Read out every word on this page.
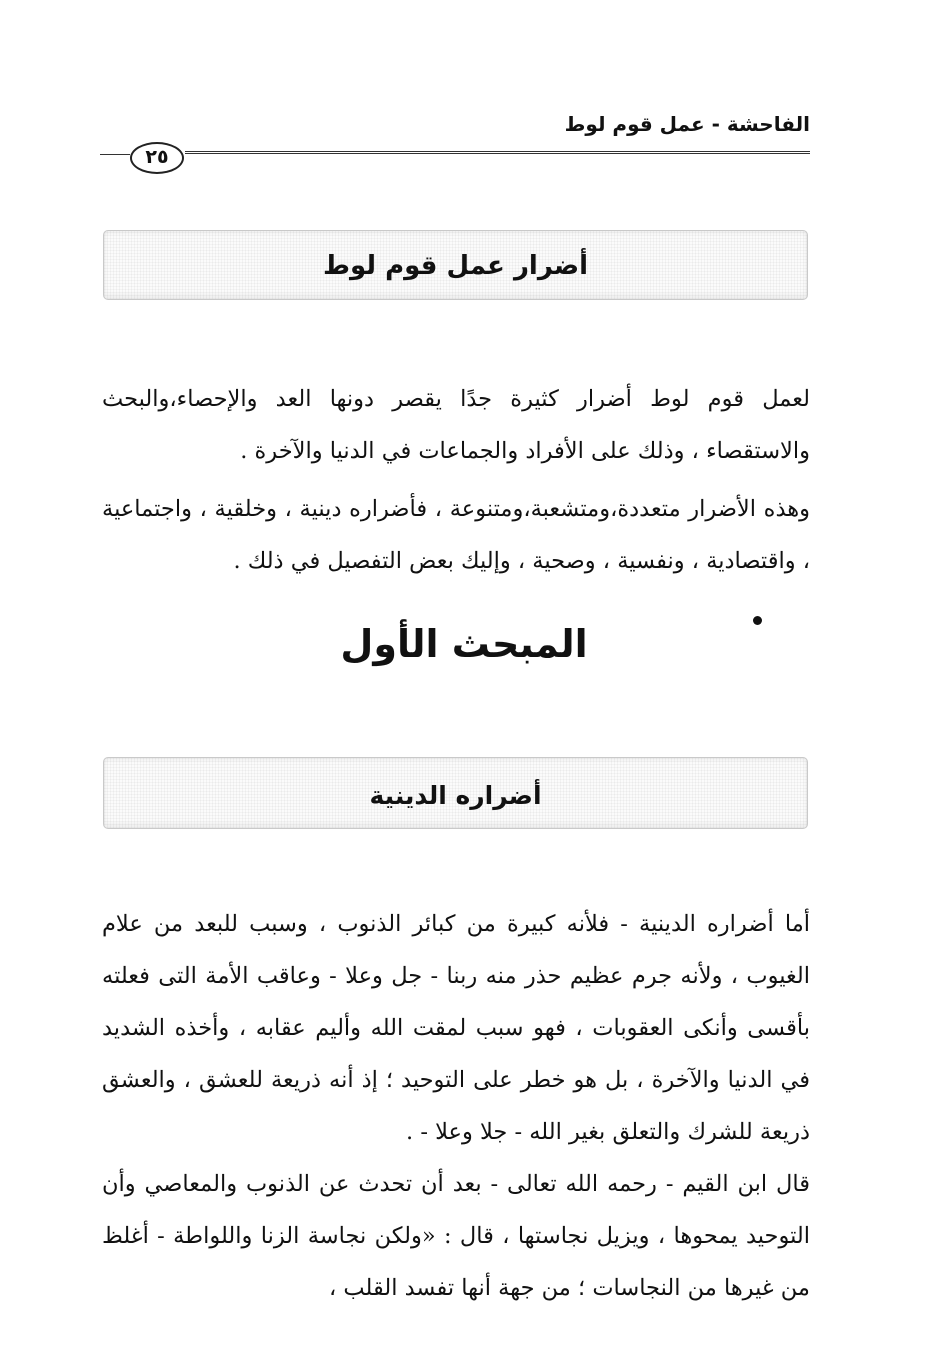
الفاحشة - عمل قوم لوط
٢٥
أضرار عمل قوم لوط

لعمل قوم لوط أضرار كثيرة جدًا يقصر دونها العد والإحصاء،والبحث والاستقصاء ، وذلك على الأفراد والجماعات في الدنيا والآخرة .

وهذه الأضرار متعددة،ومتشعبة،ومتنوعة ، فأضراره دينية ، وخلقية ، واجتماعية ، واقتصادية ، ونفسية ، وصحية ، وإليك بعض التفصيل في ذلك .

المبحث الأول
أضراره الدينية

أما أضراره الدينية - فلأنه كبيرة من كبائر الذنوب ، وسبب للبعد من علام الغيوب ، ولأنه جرم عظيم حذر منه ربنا - جل وعلا - وعاقب الأمة التى فعلته بأقسى وأنكى العقوبات ، فهو سبب لمقت الله وأليم عقابه ، وأخذه الشديد في الدنيا والآخرة ، بل هو خطر على التوحيد ؛ إذ أنه ذريعة للعشق ، والعشق ذريعة للشرك والتعلق بغير الله - جلا وعلا - .

قال ابن القيم - رحمه الله تعالى - بعد أن تحدث عن الذنوب والمعاصي وأن التوحيد يمحوها ، ويزيل نجاستها ، قال : «ولكن نجاسة الزنا واللواطة - أغلظ من غيرها من النجاسات ؛ من جهة أنها تفسد القلب ،
